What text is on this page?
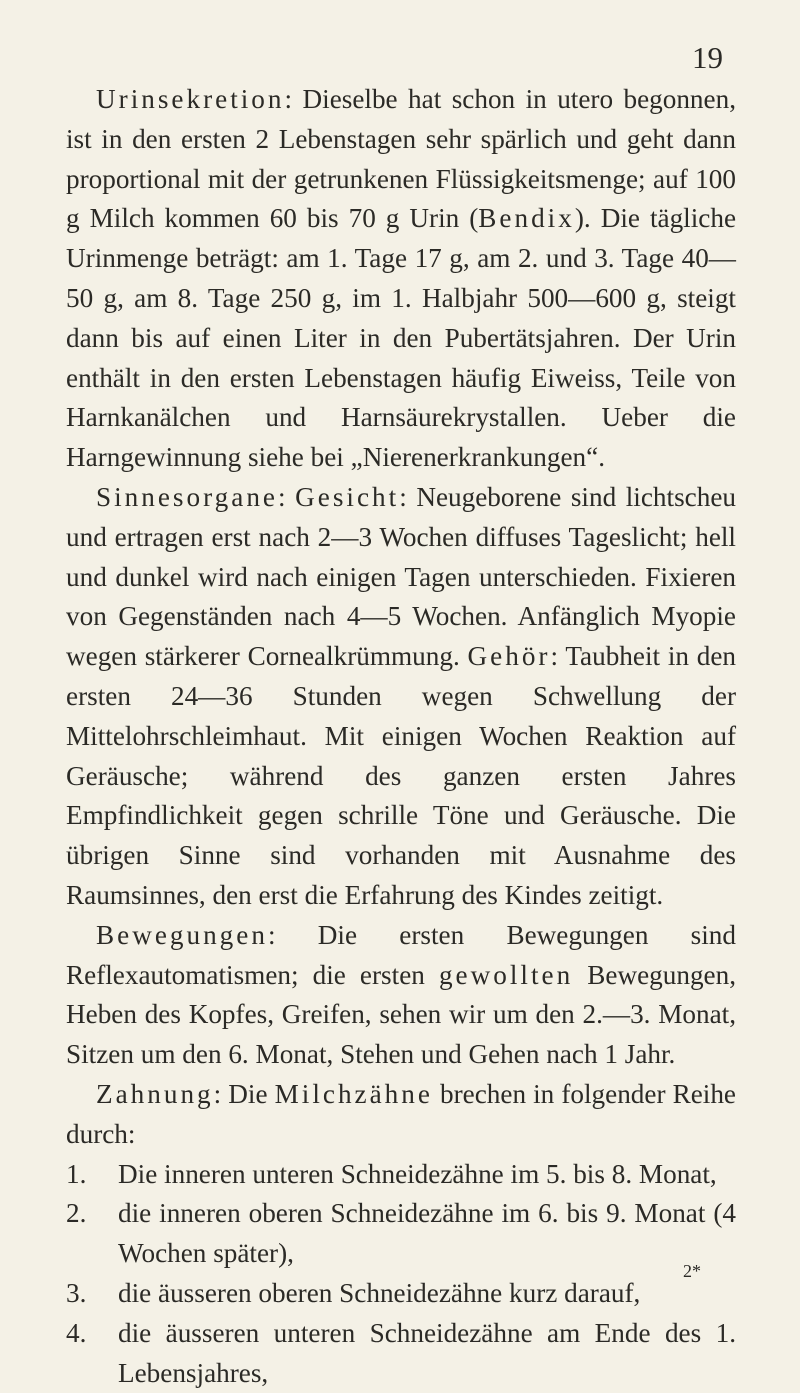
19

Urinsekretion: Dieselbe hat schon in utero begonnen, ist in den ersten 2 Lebenstagen sehr spärlich und geht dann proportional mit der getrunkenen Flüssigkeitsmenge; auf 100 g Milch kommen 60 bis 70 g Urin (Bendix). Die tägliche Urinmenge beträgt: am 1. Tage 17 g, am 2. und 3. Tage 40—50 g, am 8. Tage 250 g, im 1. Halbjahr 500—600 g, steigt dann bis auf einen Liter in den Pubertätsjahren. Der Urin enthält in den ersten Lebenstagen häufig Eiweiss, Teile von Harnkanälchen und Harnsäurekrystallen. Ueber die Harngewinnung siehe bei „Nierenerkrankungen“.

Sinnesorgane: Gesicht: Neugeborene sind lichtscheu und ertragen erst nach 2—3 Wochen diffuses Tageslicht; hell und dunkel wird nach einigen Tagen unterschieden. Fixieren von Gegenständen nach 4—5 Wochen. Anfänglich Myopie wegen stärkerer Cornealkrümmung. Gehör: Taubheit in den ersten 24—36 Stunden wegen Schwellung der Mittelohrschleimhaut. Mit einigen Wochen Reaktion auf Geräusche; während des ganzen ersten Jahres Empfindlichkeit gegen schrille Töne und Geräusche. Die übrigen Sinne sind vorhanden mit Ausnahme des Raumsinnes, den erst die Erfahrung des Kindes zeitigt.

Bewegungen: Die ersten Bewegungen sind Reflexautomatismen; die ersten gewollten Bewegungen, Heben des Kopfes, Greifen, sehen wir um den 2.—3. Monat, Sitzen um den 6. Monat, Stehen und Gehen nach 1 Jahr.

Zahnung: Die Milchzähne brechen in folgender Reihe durch:

1. Die inneren unteren Schneidezähne im 5. bis 8. Monat,
2. die inneren oberen Schneidezähne im 6. bis 9. Monat (4 Wochen später),
3. die äusseren oberen Schneidezähne kurz darauf,
4. die äusseren unteren Schneidezähne am Ende des 1. Lebensjahres,
2*
